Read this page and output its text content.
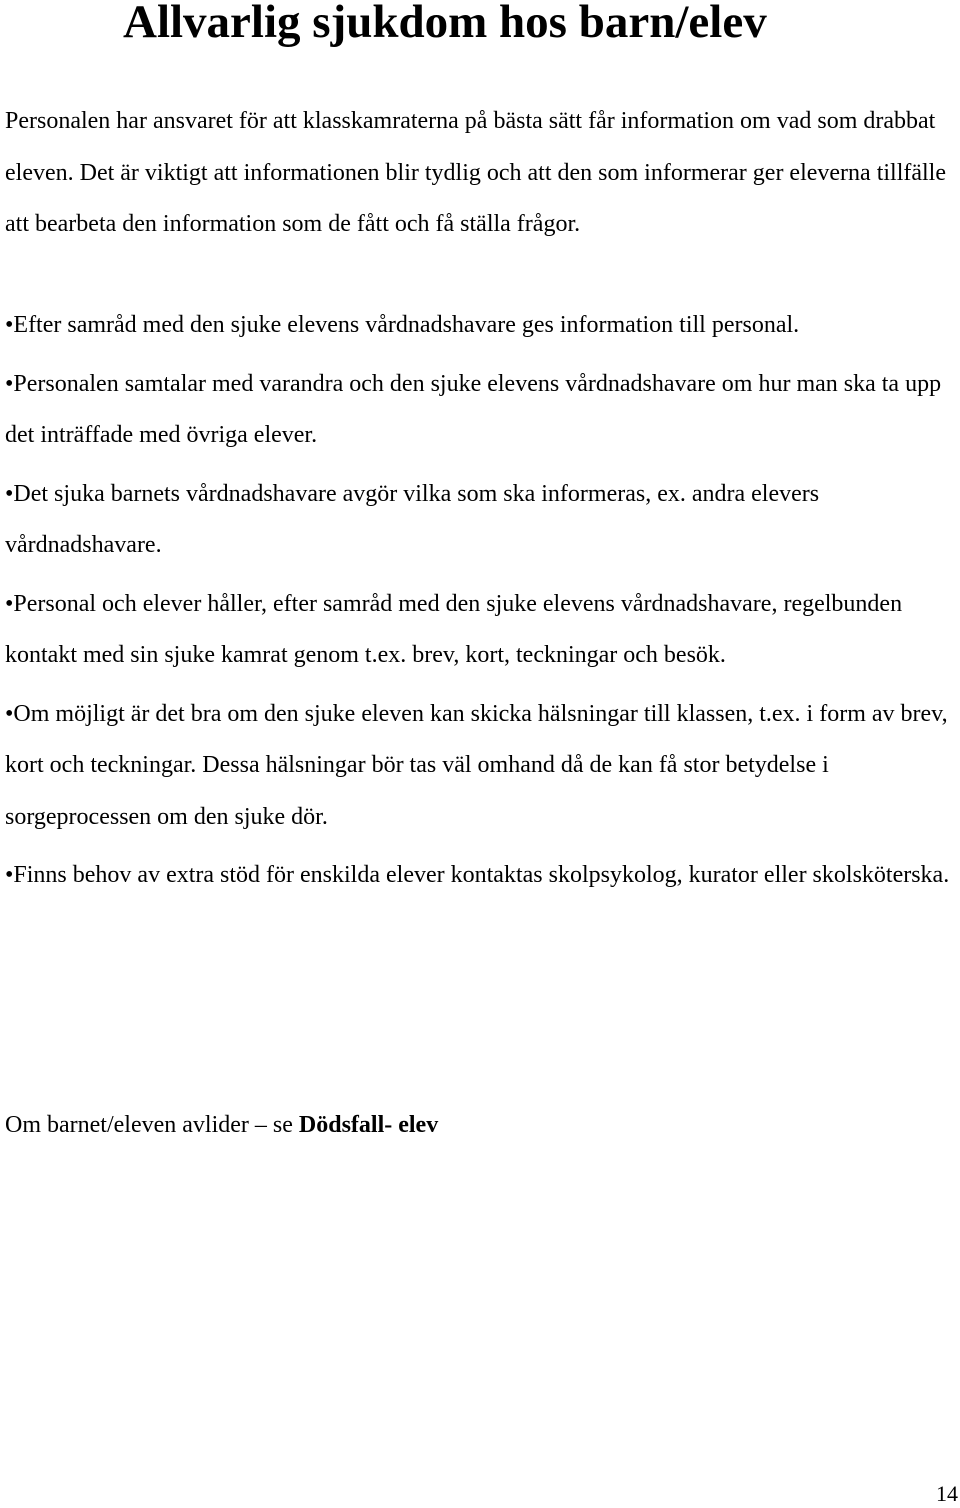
Allvarlig sjukdom hos barn/elev

Personalen har ansvaret för att klasskamraterna på bästa sätt får information om vad som drabbat eleven. Det är viktigt att informationen blir tydlig och att den som informerar ger eleverna tillfälle att bearbeta den information som de fått och få ställa frågor.

•Efter samråd med den sjuke elevens vårdnadshavare ges information till personal.
•Personalen samtalar med varandra och den sjuke elevens vårdnadshavare om hur man ska ta upp det inträffade med övriga elever.
•Det sjuka barnets vårdnadshavare avgör vilka som ska informeras, ex. andra elevers vårdnadshavare.
•Personal och elever håller, efter samråd med den sjuke elevens vårdnadshavare, regelbunden kontakt med sin sjuke kamrat genom t.ex. brev, kort, teckningar och besök.
•Om möjligt är det bra om den sjuke eleven kan skicka hälsningar till klassen, t.ex. i form av brev, kort och teckningar. Dessa hälsningar bör tas väl omhand då de kan få stor betydelse i sorgeprocessen om den sjuke dör.
•Finns behov av extra stöd för enskilda elever kontaktas skolpsykolog, kurator eller skolsköterska.

Om barnet/eleven avlider – se Dödsfall- elev

14
